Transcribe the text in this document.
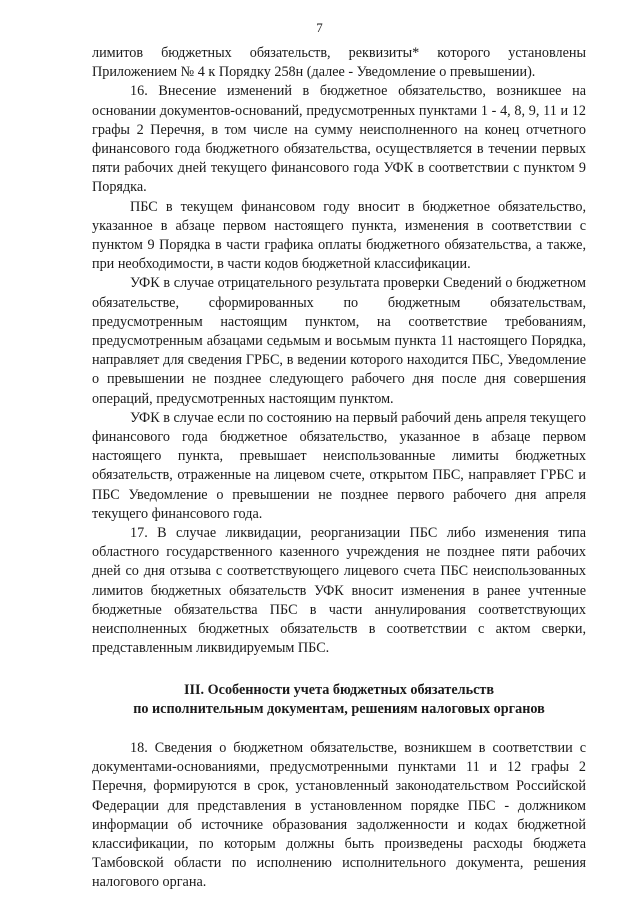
7

лимитов бюджетных обязательств, реквизиты* которого установлены Приложением № 4 к Порядку 258н (далее - Уведомление о превышении).

16. Внесение изменений в бюджетное обязательство, возникшее на основании документов-оснований, предусмотренных пунктами 1 - 4, 8, 9, 11 и 12 графы 2 Перечня, в том числе на сумму неисполненного на конец отчетного финансового года бюджетного обязательства, осуществляется в течении первых пяти рабочих дней текущего финансового года УФК в соответствии с пунктом 9 Порядка.

ПБС в текущем финансовом году вносит в бюджетное обязательство, указанное в абзаце первом настоящего пункта, изменения в соответствии с пунктом 9 Порядка в части графика оплаты бюджетного обязательства, а также, при необходимости, в части кодов бюджетной классификации.

УФК в случае отрицательного результата проверки Сведений о бюджетном обязательстве, сформированных по бюджетным обязательствам, предусмотренным настоящим пунктом, на соответствие требованиям, предусмотренным абзацами седьмым и восьмым пункта 11 настоящего Порядка, направляет для сведения ГРБС, в ведении которого находится ПБС, Уведомление о превышении не позднее следующего рабочего дня после дня совершения операций, предусмотренных настоящим пунктом.

УФК в случае если по состоянию на первый рабочий день апреля текущего финансового года бюджетное обязательство, указанное в абзаце первом настоящего пункта, превышает неиспользованные лимиты бюджетных обязательств, отраженные на лицевом счете, открытом ПБС, направляет ГРБС и ПБС Уведомление о превышении не позднее первого рабочего дня апреля текущего финансового года.

17. В случае ликвидации, реорганизации ПБС либо изменения типа областного государственного казенного учреждения не позднее пяти рабочих дней со дня отзыва с соответствующего лицевого счета ПБС неиспользованных лимитов бюджетных обязательств УФК вносит изменения в ранее учтенные бюджетные обязательства ПБС в части аннулирования соответствующих неисполненных бюджетных обязательств в соответствии с актом сверки, представленным ликвидируемым ПБС.

III. Особенности учета бюджетных обязательств
по исполнительным документам, решениям налоговых органов

18. Сведения о бюджетном обязательстве, возникшем в соответствии с документами-основаниями, предусмотренными пунктами 11 и 12 графы 2 Перечня, формируются в срок, установленный законодательством Российской Федерации для представления в установленном порядке ПБС - должником информации об источнике образования задолженности и кодах бюджетной классификации, по которым должны быть произведены расходы бюджета Тамбовской области по исполнению исполнительного документа, решения налогового органа.
